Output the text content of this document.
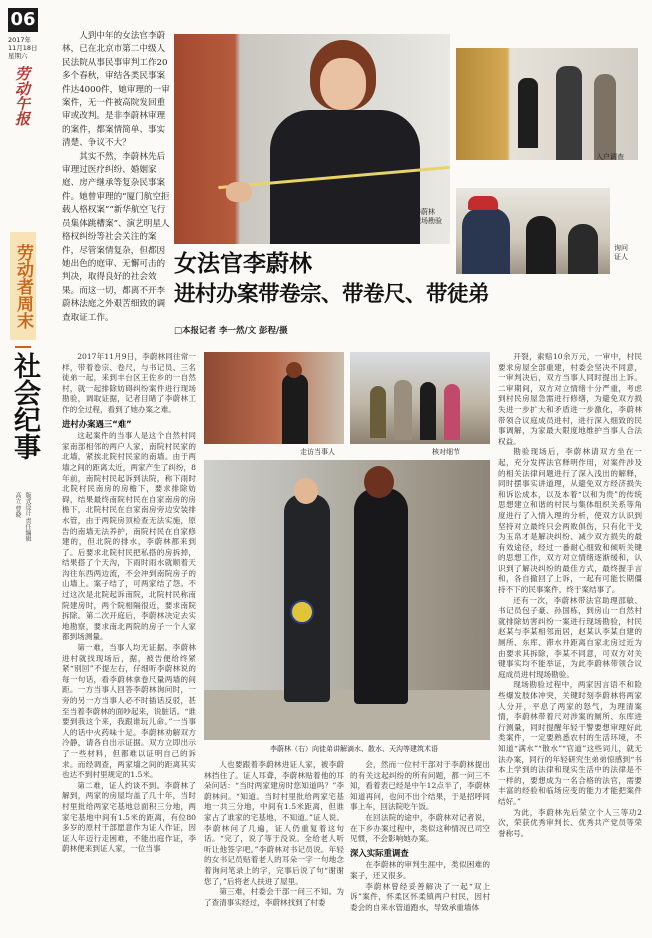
06
2017年
11月18日
星期六
劳动午报
劳动者周末
社会纪事
版式设计 责任编辑
高立 曹晓

人到中年的女法官李蔚林，已在北京市第二中级人民法院从事民事审判工作20多个春秋，审结各类民事案件达4000件，她审理的一审案件，无一件被高院发回重审或改判。是非李蔚林审理的案件，都案情简单、事实清楚、争议不大？

其实不然，李蔚林先后审理过医疗纠纷、婚姻家庭、房产继承等复杂民事案件。她曾审理的“厦门航空拒载人格权案”“新华航空飞行员集体跳槽案”、演艺明星人格权纠纷等社会关注的案件，尽管案情复杂，但都因她出色的庭审、无懈可击的判决，取得良好的社会效果。而这一切，都离不开李蔚林法庭之外艰苦细致的调查取证工作。

李蔚林
现场勘验
入户调查
询问
证人
女法官李蔚林
进村办案带卷宗、带卷尺、带徒弟
□本报记者 李一然/文 彭程/摄
走访当事人	核对细节
李蔚林（右）向徒弟讲解滴水、散水、天沟等建筑术语

2017年11月9日，李蔚林同往常一样，带着卷宗、卷尺，与书记员、三名徒弟一起，来到丰台区王佐乡的一自然村，就一起排除妨碍纠纷案件进行现场勘验，调取证据，记者目睹了李蔚林工作的全过程，看到了她办案之难。

进村办案遇三“难”

这起案件的当事人是这个自然村同家南部相邻的两户人家，南院村民家的北墙，紧挨北院村民家的南墙。由于两墙之间的距离太近，两家产生了纠纷，8年前，南院村民起诉到法院，称下雨时北院村民南房的房檐下，要求排除妨碍，结果最终南院村民在自家南房的房檐下，北院村民在自家南房旁边安装排水管，由于两院房顶检查无法实施，原告的南墙无法养护，南院村民在自家修建的，但北院的排水，李蔚林都来到了。后要求北院村民把私搭的房拆掉，结果搭了个天沟，下雨时雨水就顺着天沟往东西两边流，不会冲到南院房子的山墙上。案子结了，可两家结了怨。不过这次是北院起诉南院，北院村民称南院建房时，两个院相隔很近，要求南院拆除。第二次开庭后，李蔚林决定去实地勘察，要求南北两院的房子一个人家都到场测量。

第一难，当事人均无证据。李蔚林进村就找现场后，据，被告便给终紧紧“别回”不提左右，仔细听李蔚林说的每一句话，看李蔚林拿卷尺量两墙的间距。一方当事人回答李蔚林询问时，一旁的另一方当事人必不时插话反驳，甚至当着李蔚林的面吵起来，说脏话。“谁要到我这个来，我跟谁玩儿命。”一当事人的话中火药味十足。李蔚林劝解双方冷静，请各自出示证据。双方立即出示了一些材料，但都难以证明自己的诉求。而经调查，两家墙之间的距离其实也达不到村里规定的1.5米。

第二难，证人约谈不到。李蔚林了解到，两家的房屋均盖了几十年，当时村里批给两家宅基地总面积三分地，两家宅基地中间有1.5米的距离，有位80多岁的原村干部愿意作为证人作证，因证人年迈行走困难，不能出庭作证，李蔚林便来到证人家，一位当事

人也要跟着李蔚林进证人家，被李蔚林挡住了。证人耳聋，李蔚林贴着他的耳朵问话：“当时两家建房时您知道吗？”李蔚林问。“知道。当时村里批给两家宅基地一共三分地，中间有1.5米距离，但谁家占了谁家的宅基地，不知道。”证人说。李蔚林问了几遍，证人仍重复着这句话。“完了，说了等于没说。全给老人听听让他签字吧。”李蔚林对书记员说。年轻的女书记员贴着老人的耳朵一字一句地念着询问笔录上的字，完事后说了句“谢谢您了，”后将老人扶进了屋里。

第三难，村委会干部一问三不知。为了查清事实经过，李蔚林找到了村委

会，然而一位村干部对于李蔚林提出的有关这起纠纷的所有问题，都一问三不知，看着表已经是中午12点半了，李蔚林知道再问，也问不出个结果，于是招呼同事上车，回法院吃午饭。

在回法院的途中，李蔚林对记者说，在下乡办案过程中，类似这种情况已司空见惯，不会影响她办案。

深入实际重调查

在李蔚林的审判生涯中，类似困难的案子，还又很多。

李蔚林曾经妥善解决了一起“双上诉”案件，怀柔区怀柔镇两户村民，因村委会的自来水管道跑水，导致承重墙体

开裂，索赔10余万元，一审中，村民要求房屋全部重建，村委会坚决不同意，一审判决后，双方当事人同时提出上诉。二审期间，双方对立情绪十分严重，考虑到村民房屋急需进行修缮，为避免双方损失进一步扩大和矛盾进一步激化，李蔚林带领合议庭成员进村，进行深入细致的民事调解，为家最大限度地维护当事人合法权益。

勘验现场后，李蔚林请双方坐在一起，充分发挥法官释明作用，对案件涉及的相关法律问题进行了深入浅出的解释，同时摆事实讲道理，从避免双方经济损失和诉讼成本，以及本着“以和为贵”的传统思想建立和谐的村民与集体组织关系等角度进行了入情入理的分析，使双方认识到坚持对立最终只会两败俱伤，只有化干戈为玉帛才是解决纠纷、减少双方损失的最有效途径，经过一番耐心细致和倾听关键的思想工作，双方对立情绪逐渐缓和，认识到了解决纠纷的最佳方式，最终握手言和，各自撤回了上诉，一起有可能长期僵持不下的民事案件，终于案结事了。

还有一次，李蔚林带法官助理邵敏、书记员包子豪、孙国栋，到房山一自然村就排除妨害纠纷一案进行现场勘验，村民赵某与李某相邻而居，赵某认李某自建的厕所、东库、滞水井距离自家北房过近为由要求其拆除，李某不同意，可双方对关键事实均不能举证，为此李蔚林带领合议庭成员进村现场勘验。

现场勘验过程中，两家因言语不和险些爆发肢体冲突，关键时刻李蔚林将两家人分开，平息了两家的怒气，为理清案情，李蔚林带着尺对涉案的厕所、东库进行测量，同时提醒年轻干警要想审理好此类案件，一定要熟悉农村的生活环境，不知道“满水”“散水”“官道”这些词儿，就无法办案，同行的年轻研究生弟弟惊感到“书本上学到的法律和现实生活中的法律是不一样的，要想成为一名合格的法官，需要丰富的经验和临场应变的能力才能把案件结好。”

为此，李蔚林先后荣立个人三等功2次，荣获优秀审判长、优秀共产党员等荣誉称号。
